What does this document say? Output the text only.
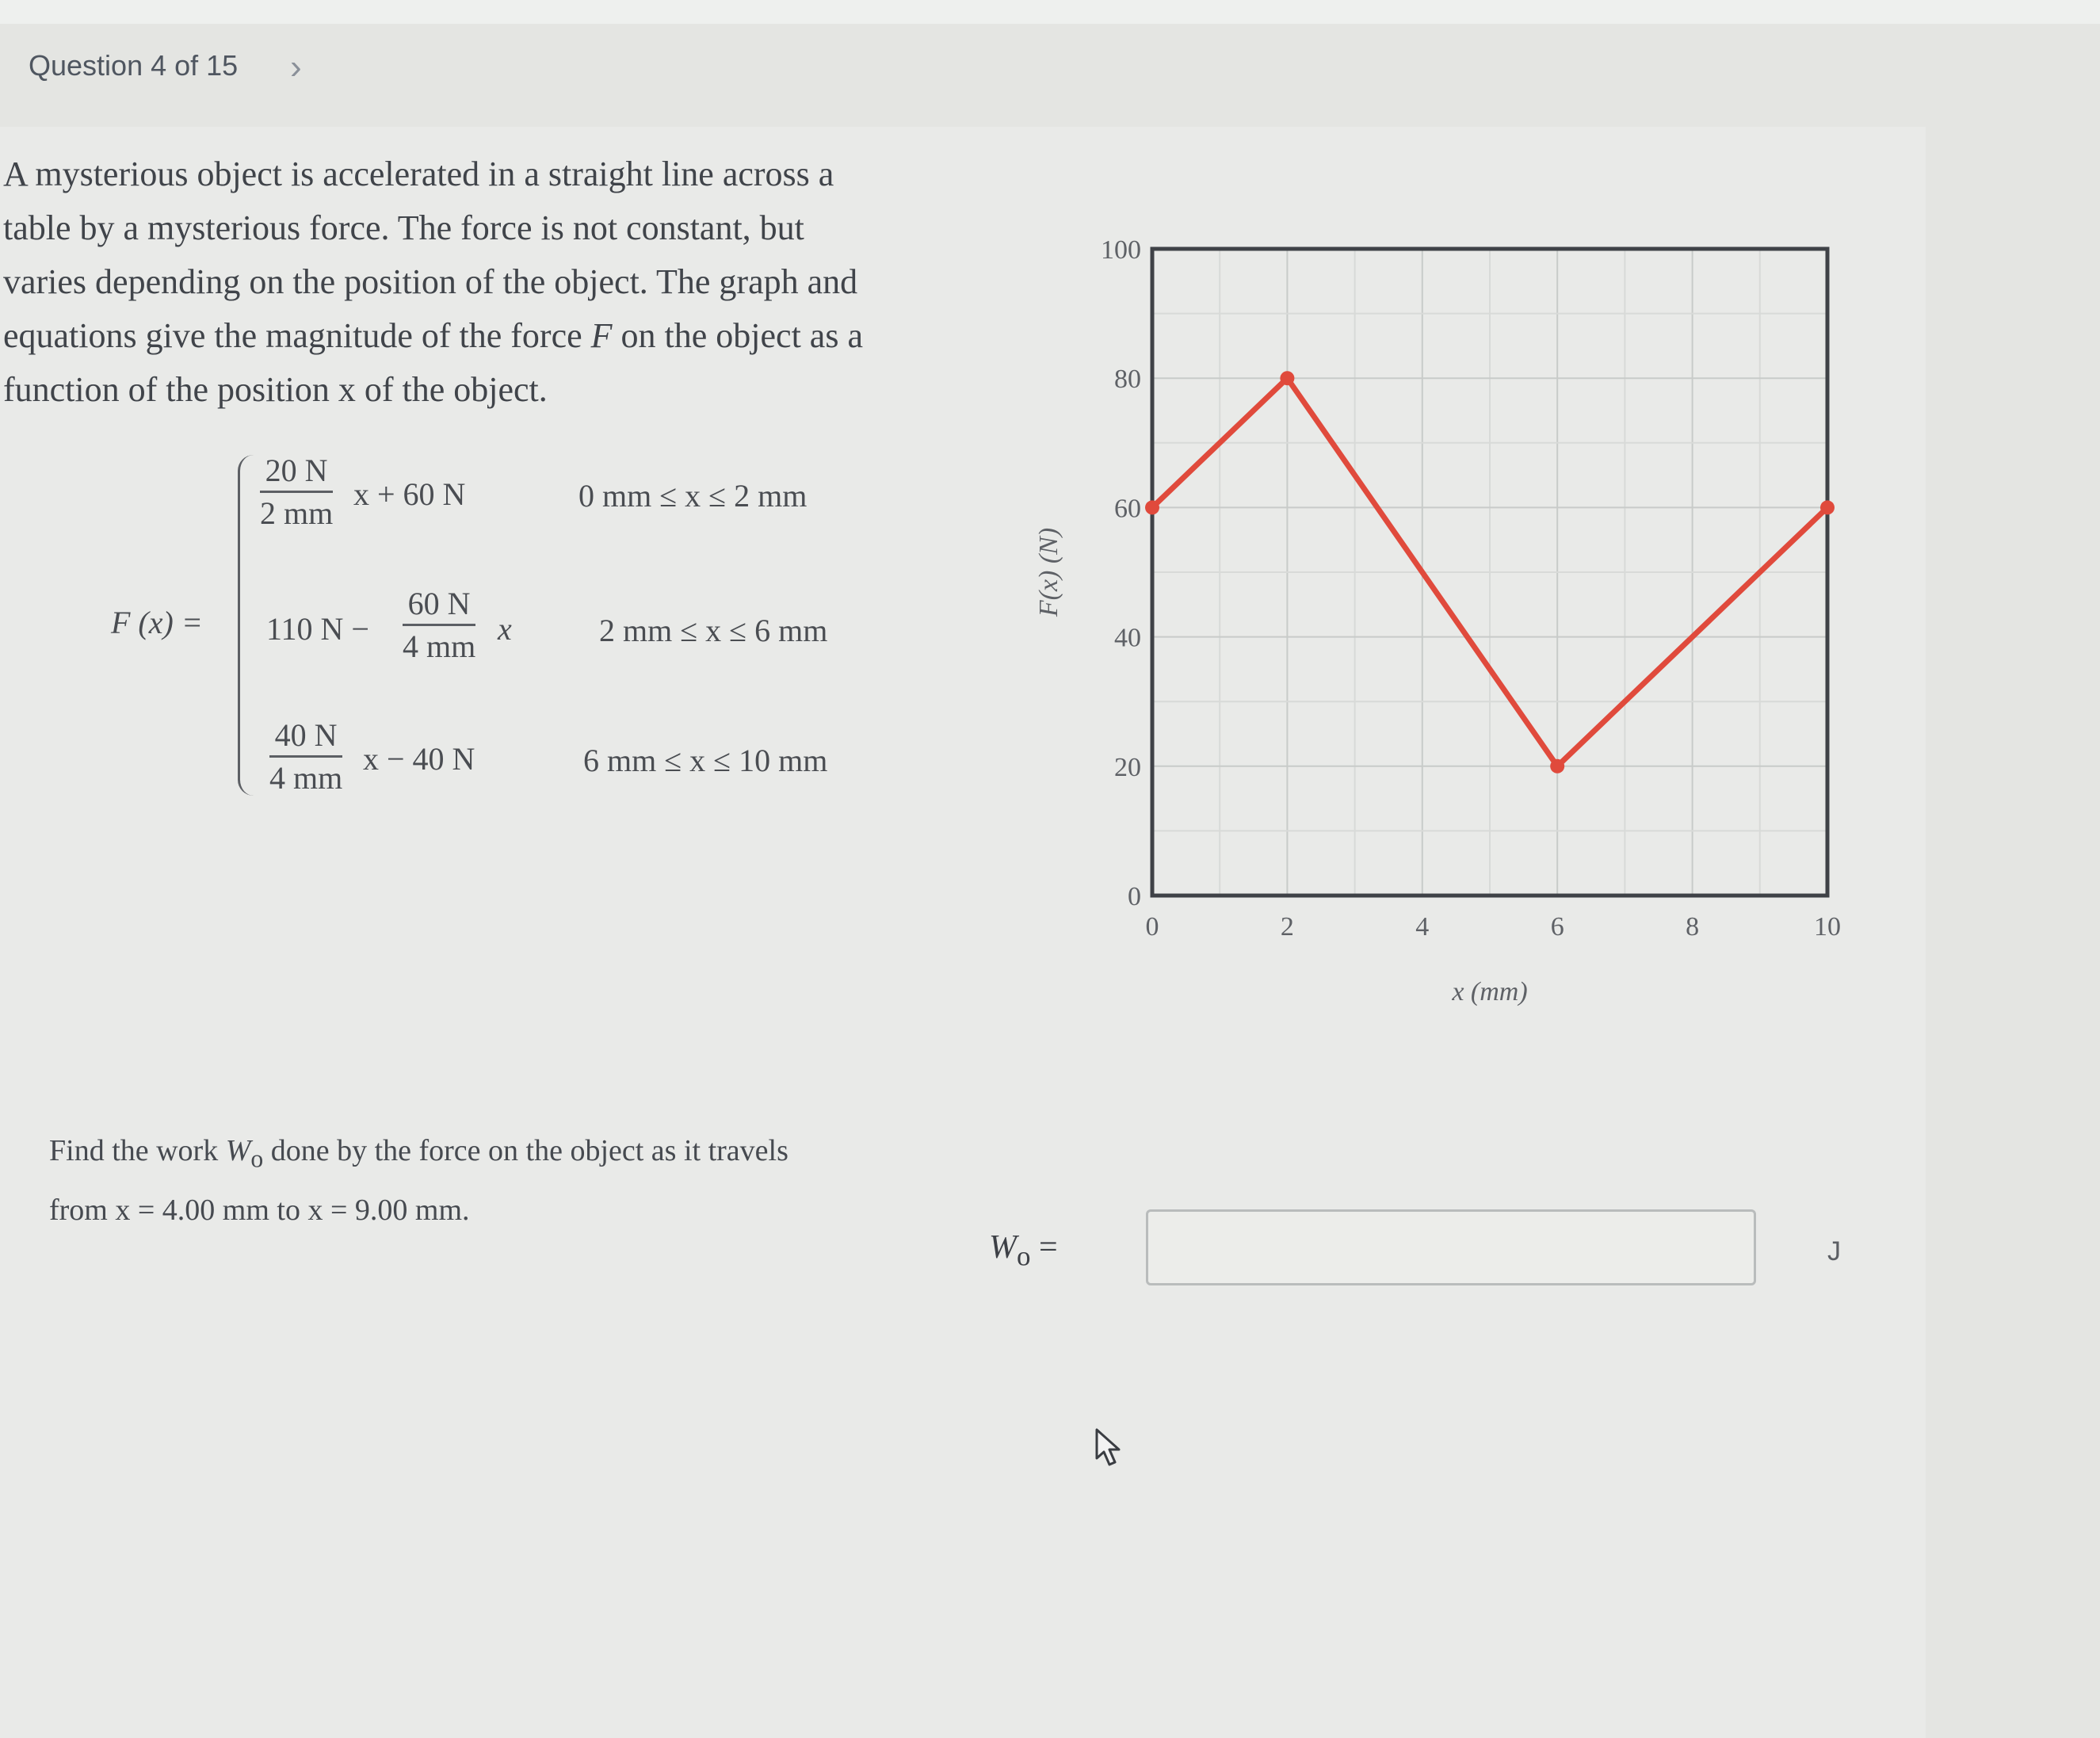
Question 4 of 15 ›
A mysterious object is accelerated in a straight line across a
table by a mysterious force. The force is not constant, but
varies depending on the position of the object. The graph and
equations give the magnitude of the force F on the object as a
function of the position x of the object.
F (x) =
$\frac{20 N}{2 mm}$ x + 60 N	0 mm ≤ x ≤ 2 mm
110 $N - \frac{60 N}{4 mm}$ x	2 mm ≤ x ≤ 6 mm
$\frac{40 N}{4 mm}$ x − 40 N	6 mm ≤ x ≤ 10 mm
0
20
40
60
80
100
0	2	4	6	8	10
x (mm)
F(x) (N)
Find the work $W_o$ done by the force on the object as it travels
from x = 4.00 mm to x = 9.00 mm.
$W_o$ =	J
